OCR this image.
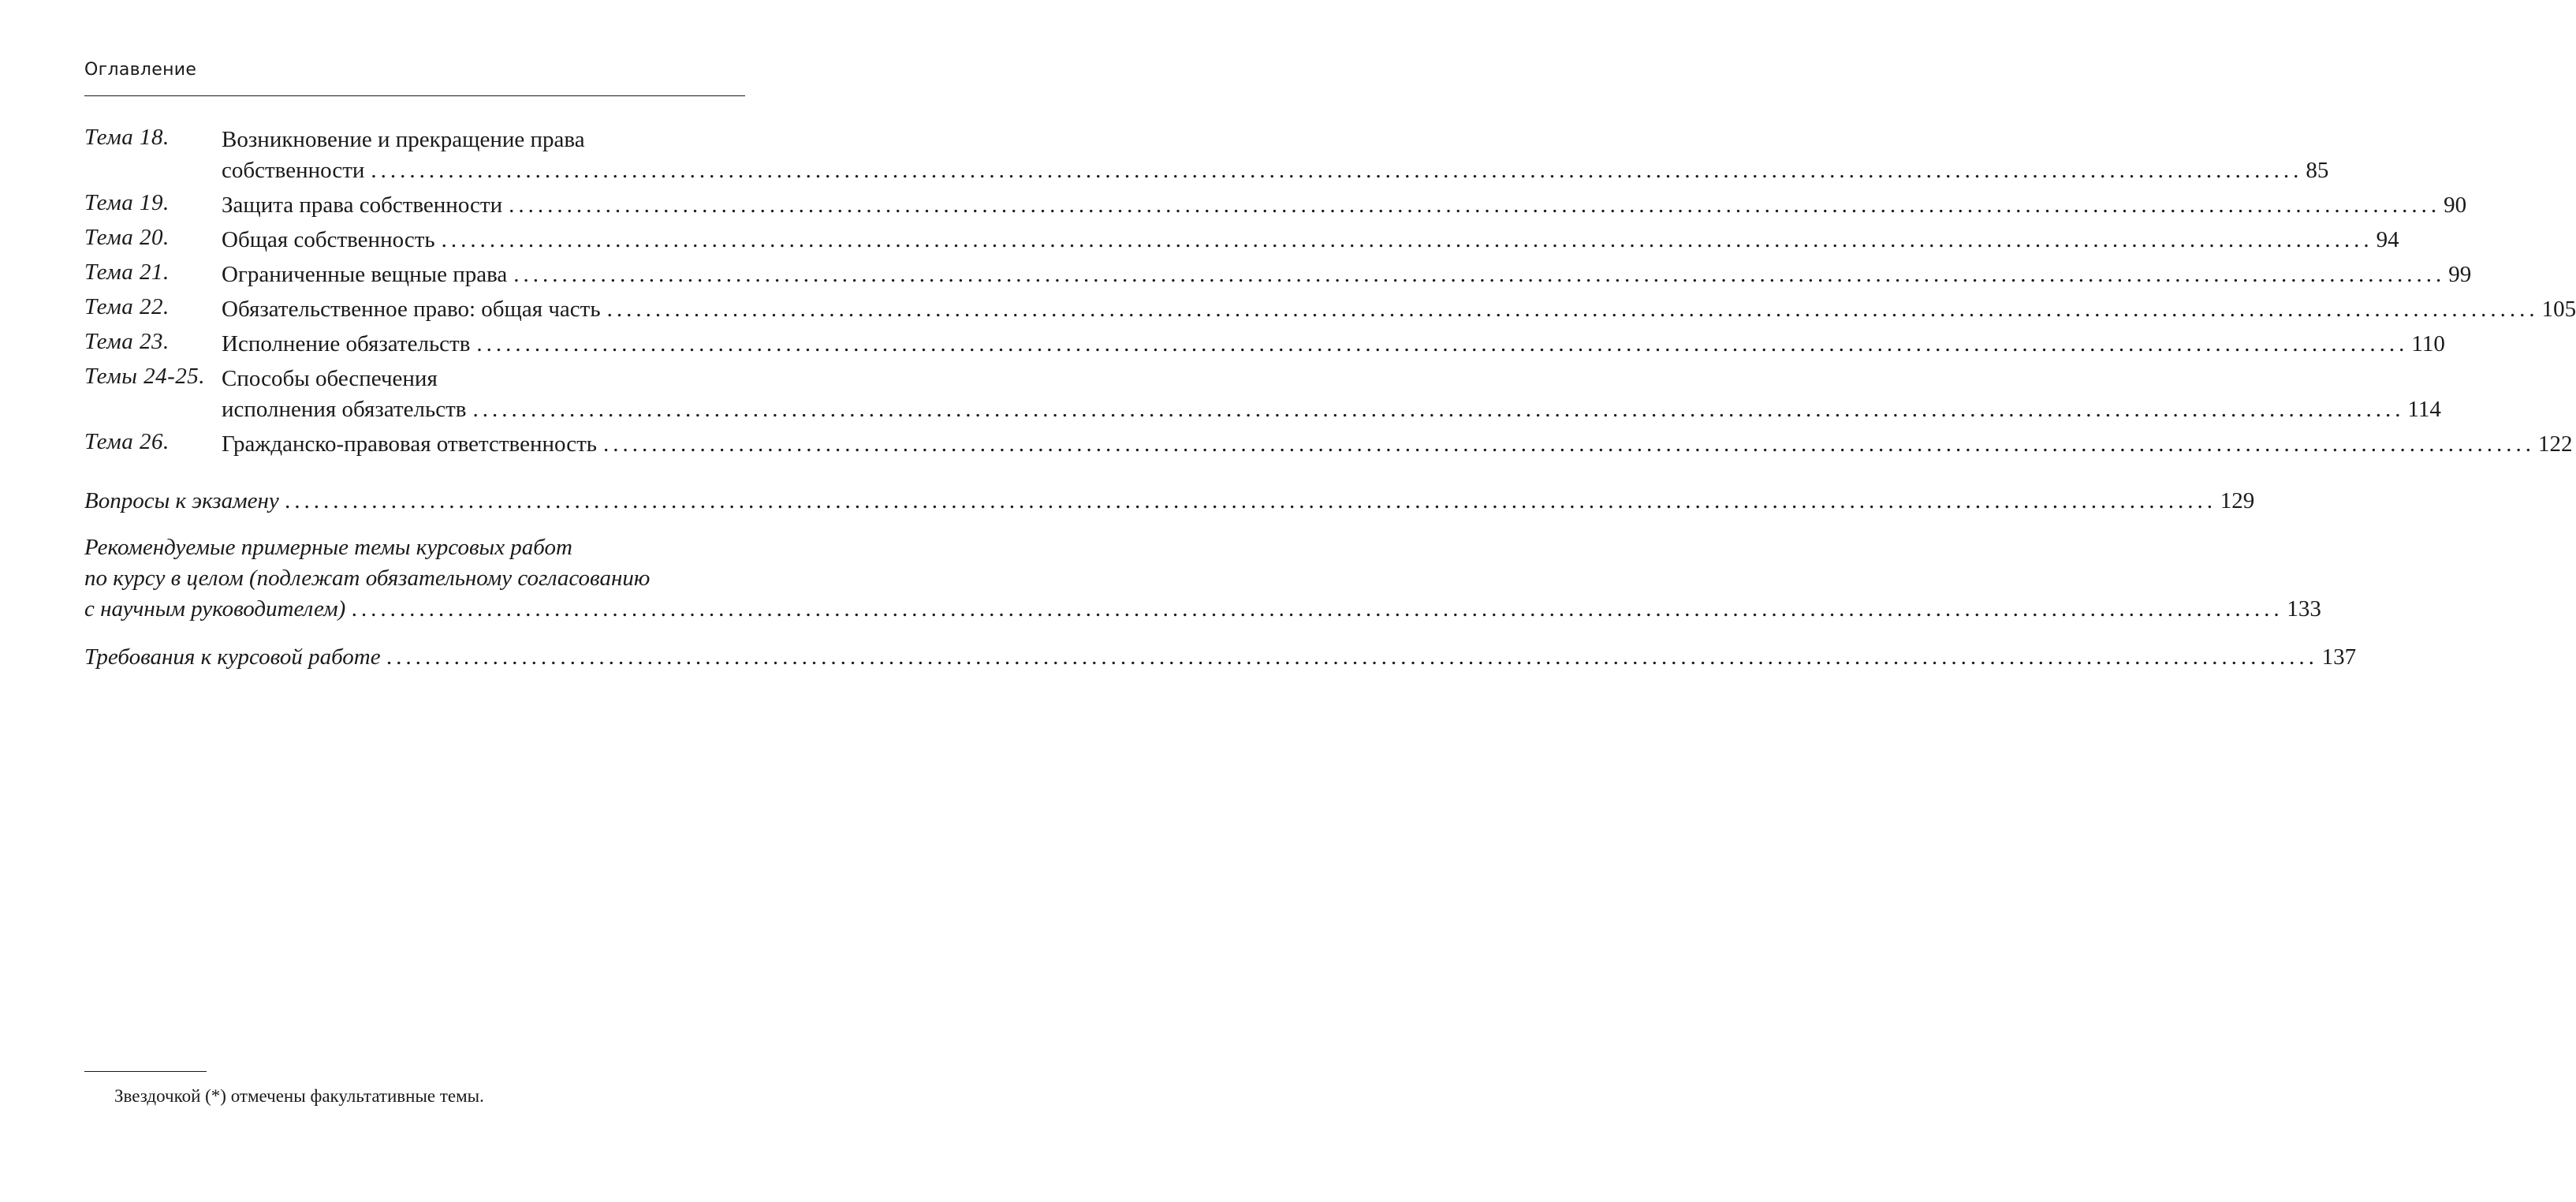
Оглавление
Тема 18. Возникновение и прекращение права
собственности ........................................................................................................................................................................................................ 85
Тема 19. Защита права собственности ........................................................................................................................................................................................................ 90
Тема 20. Общая собственность ........................................................................................................................................................................................................ 94
Тема 21. Ограниченные вещные права ........................................................................................................................................................................................................ 99
Тема 22. Обязательственное право: общая часть ........................................................................................................................................................................................................ 105
Тема 23. Исполнение обязательств ........................................................................................................................................................................................................ 110
Темы 24-25. Способы обеспечения
исполнения обязательств ........................................................................................................................................................................................................ 114
Тема 26. Гражданско-правовая ответственность ........................................................................................................................................................................................................ 122
Вопросы к экзамену ........................................................................................................................................................................................................ 129
Рекомендуемые примерные темы курсовых работ
по курсу в целом (подлежат обязательному согласованию
с научным руководителем) ........................................................................................................................................................................................................ 133
Требования к курсовой работе ........................................................................................................................................................................................................ 137
Звездочкой (*) отмечены факультативные темы.
